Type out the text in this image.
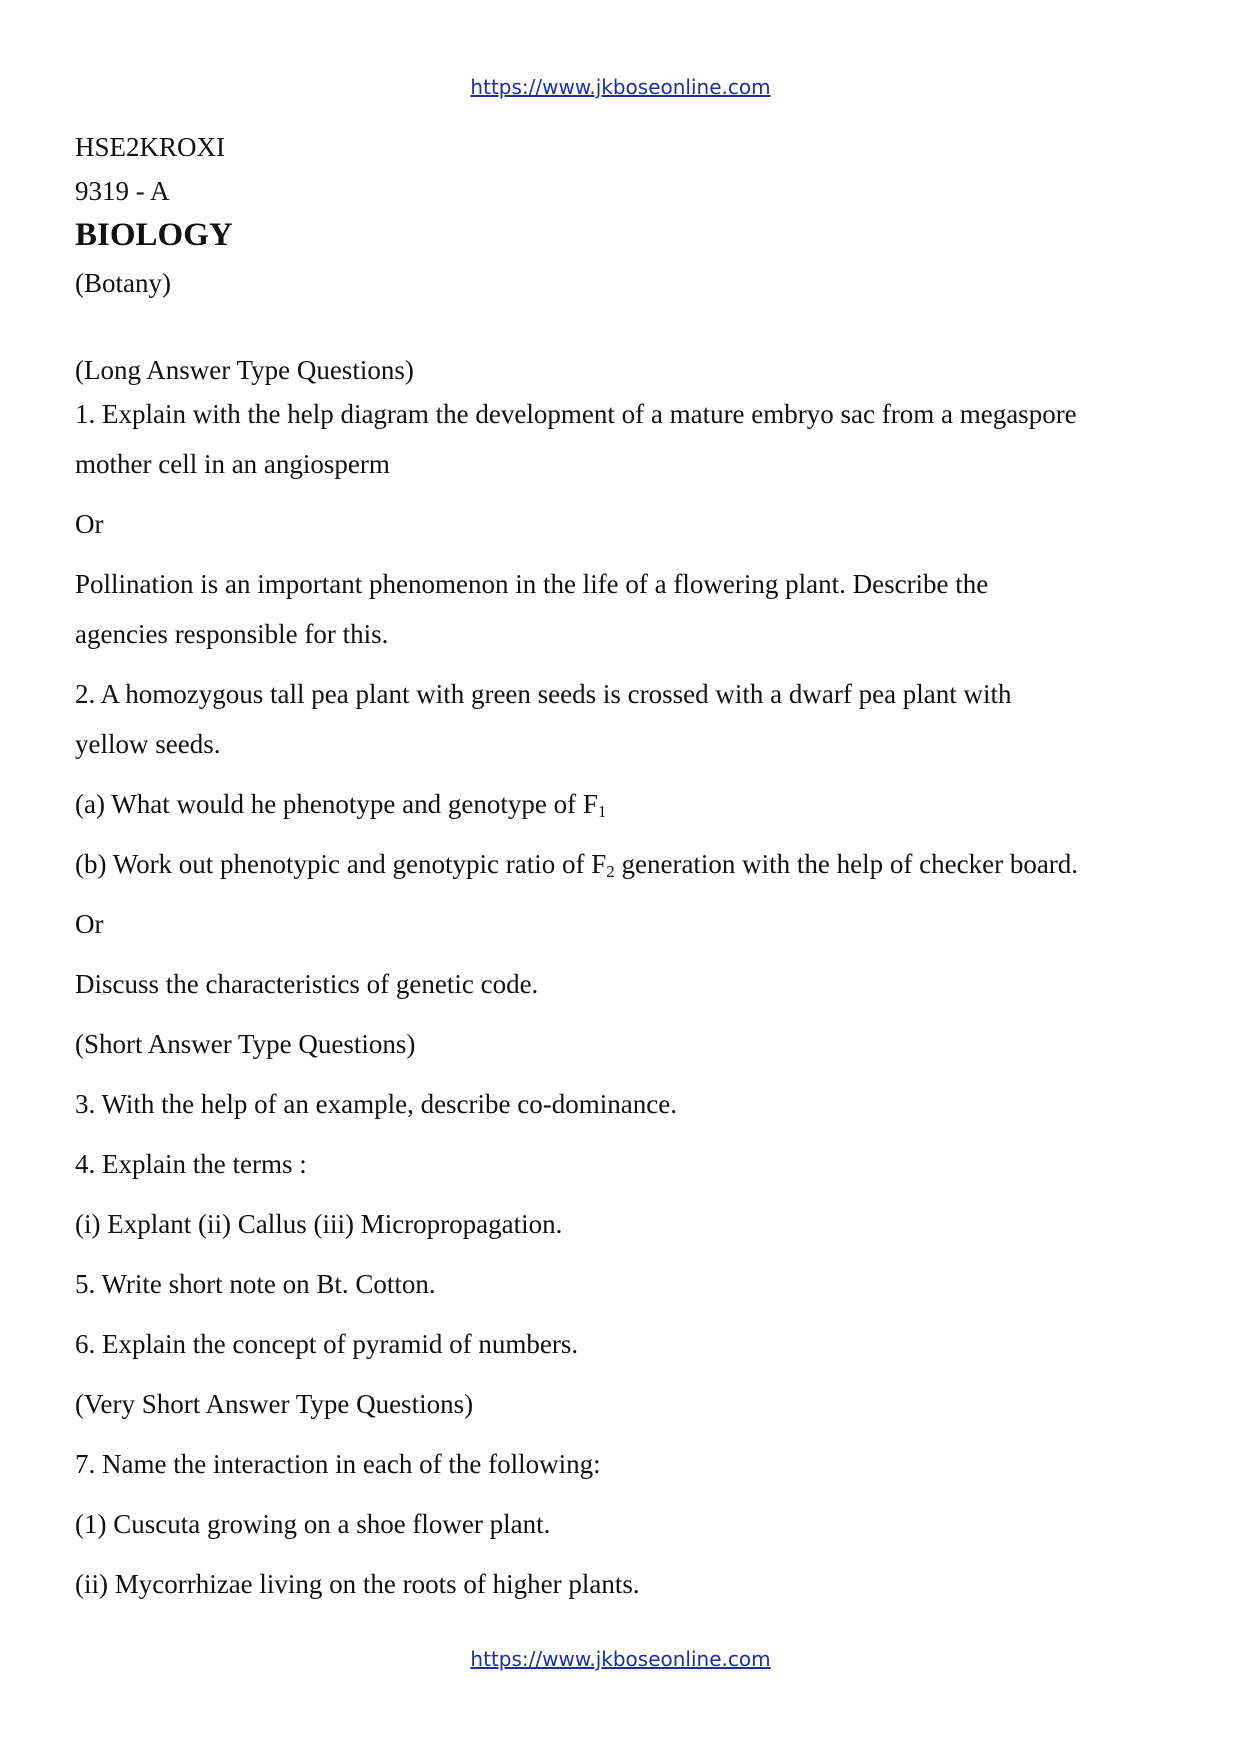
https://www.jkboseonline.com
HSE2KROXI
9319 - A
BIOLOGY
(Botany)
(Long Answer Type Questions)
1. Explain with the help diagram the development of a mature embryo sac from a megaspore
mother cell in an angiosperm
Or
Pollination is an important phenomenon in the life of a flowering plant. Describe the
agencies responsible for this.
2. A homozygous tall pea plant with green seeds is crossed with a dwarf pea plant with
yellow seeds.
(a) What would he phenotype and genotype of $F_1$
(b) Work out phenotypic and genotypic ratio of $F_2$ generation with the help of checker board.
Or
Discuss the characteristics of genetic code.
(Short Answer Type Questions)
3. With the help of an example, describe co-dominance.
4. Explain the terms :
(i) Explant (ii) Callus (iii) Micropropagation.
5. Write short note on Bt. Cotton.
6. Explain the concept of pyramid of numbers.
(Very Short Answer Type Questions)
7. Name the interaction in each of the following:
(1) Cuscuta growing on a shoe flower plant.
(ii) Mycorrhizae living on the roots of higher plants.
https://www.jkboseonline.com
